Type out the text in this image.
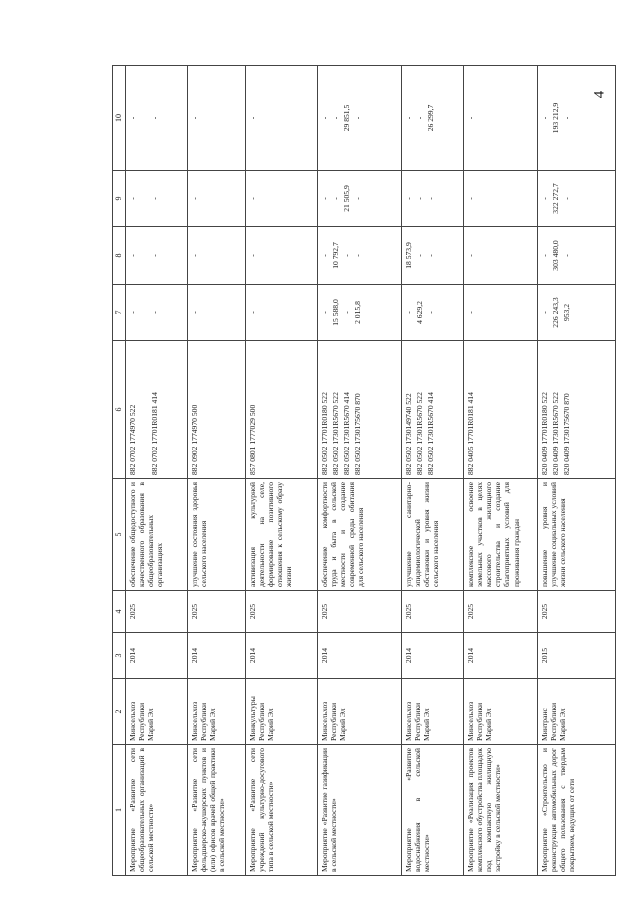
4
1	2	3	4	5	6	7	8	9	10
Мероприятие «Развитие сети общеобразовательных организаций в сельской местности»	Минсельхоз Республики Марий Эл	2014	2025	обеспечение общедоступного и качественного образования в общеобразовательных организациях	882 0702 1774970 522 882 0702 17701R0181 414	- -	- -	- -	- -

Мероприятие «Развитие сети фельдшерско-акушерских пунктов и (или) офисов врачей общей практики в сельской местности»	Минсельхоз Республики Марий Эл	2014	2025	улучшение состояния здоровья сельского населения	882 0902 1774970 500	-	-	-	-

Мероприятие «Развитие сети учреждений культурно-досугового типа в сельской местности»	Минкультуры Республики Марий Эл	2014	2025	активизация культурной деятельности на селе, формирование позитивного отношения к сельскому образу жизни	857 0801 1777029 500	-	-	-	-

Мероприятие «Развитие газификации в сельской местности»	Минсельхоз Республики Марий Эл	2014	2025	обеспечение комфортности труда и быта в сельской местности и создание современной среды обитания для сельского населения	882 0502 17701R0180 522 882 0502 17301R5670 522 882 0502 17301R5670 414 882 0502 1730175670 870	- 15 588,0 - 2 015,8	- 10 792,7 - -	- - 21 505,9 -	- - 29 851,5 -

Мероприятие «Развитие водоснабжения в сельской местности»	Минсельхоз Республики Марий Эл	2014	2025	улучшение санитарно-эпидемиологической обстановки и уровня жизни сельского населения	882 0502 1730149740 522 882 0502 17301R5670 522 882 0502 17301R5670 414	- 4 629,2 -	18 573,9 - -	- - -	- - 26 299,7

Мероприятие «Реализация проектов комплексного обустройства площадок под компактную жилищную застройку в сельской местности»	Минсельхоз Республики Марий Эл	2014	2025	комплексное освоение земельных участков в целях массового жилищного строительства и создание благоприятных условий для проживания граждан	882 0405 17701R0181 414	-	-	-	-

Мероприятие «Строительство и реконструкция автомобильных дорог общего пользования с твердым покрытием, ведущих от сети	Минтранс Республики Марий Эл	2015	2025	повышение уровня и улучшение социальных условий жизни сельского населения	820 0409 17701R0180 522 820 0409 17301R5670 522 820 0409 1730175670 870	- 226 243,3 953,2	- 303 480,0 -	- 322 272,7 -	- 193 212,9 -
